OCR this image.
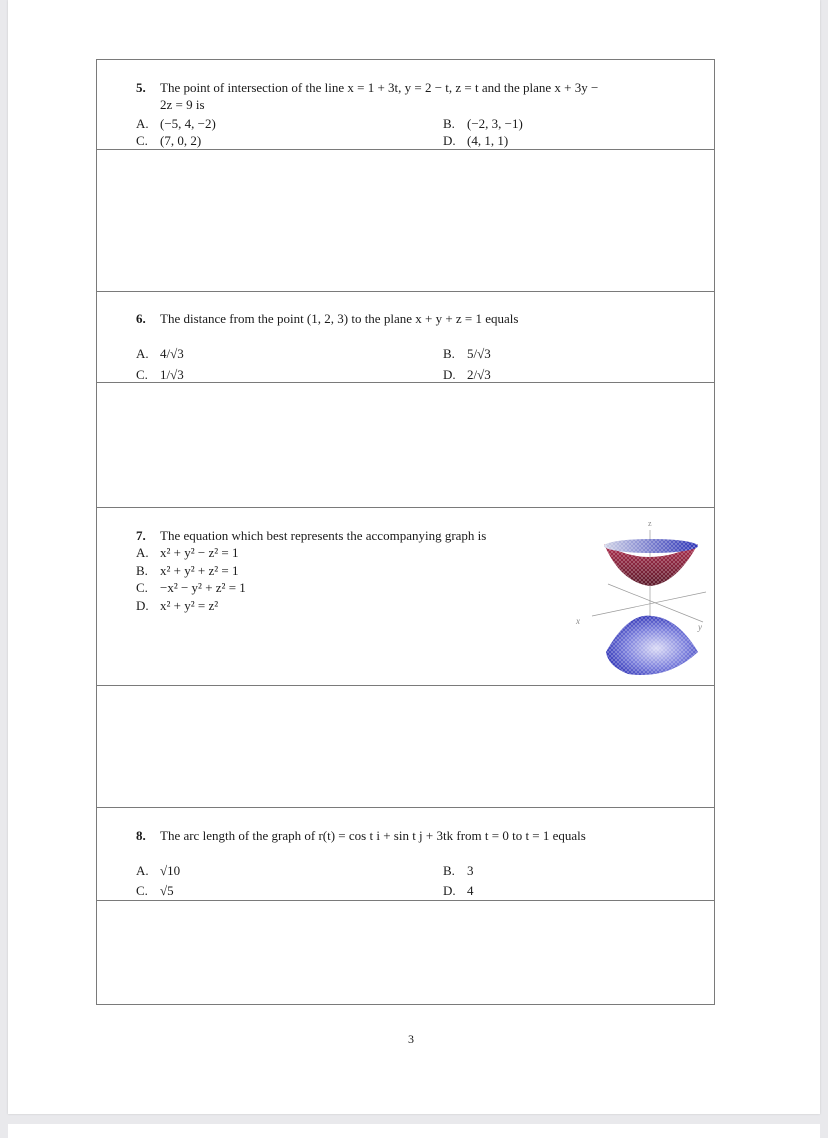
5. The point of intersection of the line x = 1 + 3t, y = 2 − t, z = t and the plane x + 3y −
2z = 9 is
A. (−5, 4, −2)	B. (−2, 3, −1)
C. (7, 0, 2)	D. (4, 1, 1)
6. The distance from the point (1, 2, 3) to the plane x + y + z = 1 equals
A. 4/√3	B. 5/√3
C. 1/√3	D. 2/√3
7. The equation which best represents the accompanying graph is
A. x² + y² − z² = 1
B. x² + y² + z² = 1
C. −x² − y² + z² = 1
D. x² + y² = z²
z
x
y
8. The arc length of the graph of r(t) = cos t i + sin t j + 3tk from t = 0 to t = 1 equals
A. √10	B. 3
C. √5	D. 4
3
